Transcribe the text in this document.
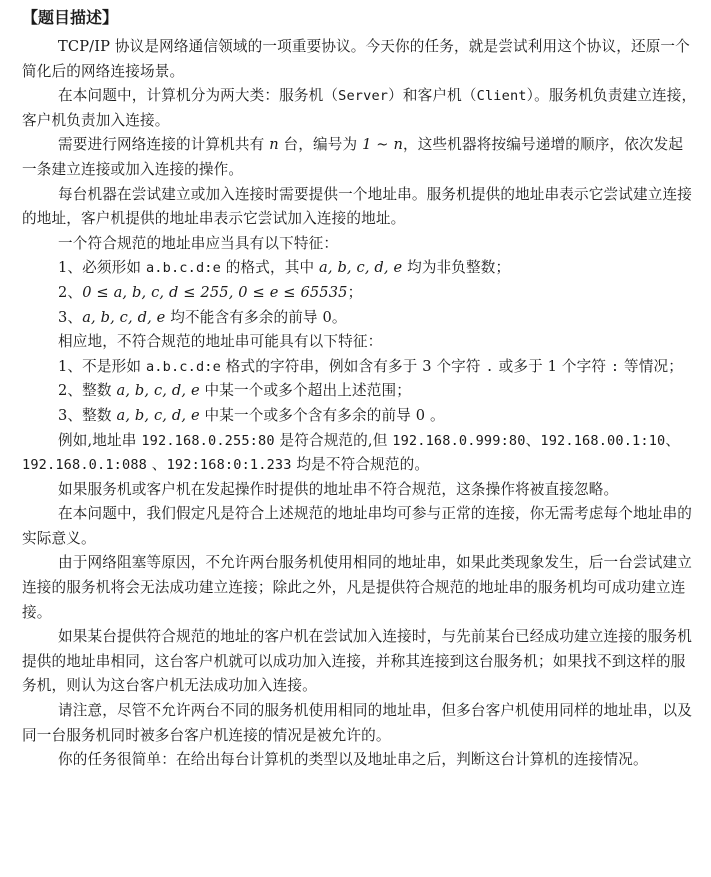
【题目描述】

TCP/IP 协议是网络通信领域的一项重要协议。今天你的任务，就是尝试利用这个协议，还原一个简化后的网络连接场景。

在本问题中，计算机分为两大类：服务机（Server）和客户机（Client）。服务机负责建立连接，客户机负责加入连接。

需要进行网络连接的计算机共有 n 台，编号为 1 ∼ n，这些机器将按编号递增的顺序，依次发起一条建立连接或加入连接的操作。

每台机器在尝试建立或加入连接时需要提供一个地址串。服务机提供的地址串表示它尝试建立连接的地址，客户机提供的地址串表示它尝试加入连接的地址。

一个符合规范的地址串应当具有以下特征：

1、必须形如 a.b.c.d:e 的格式，其中 a, b, c, d, e 均为非负整数；

2、0 ≤ a, b, c, d ≤ 255, 0 ≤ e ≤ 65535；

3、a, b, c, d, e 均不能含有多余的前导 0。

相应地，不符合规范的地址串可能具有以下特征：

1、不是形如 a.b.c.d:e 格式的字符串，例如含有多于 3 个字符 . 或多于 1 个字符 : 等情况；

2、整数 a, b, c, d, e 中某一个或多个超出上述范围；

3、整数 a, b, c, d, e 中某一个或多个含有多余的前导 0 。

例如,地址串 192.168.0.255:80 是符合规范的,但 192.168.0.999:80、192.168.00.1:10、192.168.0.1:088 、192:168:0:1.233 均是不符合规范的。

如果服务机或客户机在发起操作时提供的地址串不符合规范，这条操作将被直接忽略。

在本问题中，我们假定凡是符合上述规范的地址串均可参与正常的连接，你无需考虑每个地址串的实际意义。

由于网络阻塞等原因，不允许两台服务机使用相同的地址串，如果此类现象发生，后一台尝试建立连接的服务机将会无法成功建立连接；除此之外，凡是提供符合规范的地址串的服务机均可成功建立连接。

如果某台提供符合规范的地址的客户机在尝试加入连接时，与先前某台已经成功建立连接的服务机提供的地址串相同，这台客户机就可以成功加入连接，并称其连接到这台服务机；如果找不到这样的服务机，则认为这台客户机无法成功加入连接。

请注意，尽管不允许两台不同的服务机使用相同的地址串，但多台客户机使用同样的地址串，以及同一台服务机同时被多台客户机连接的情况是被允许的。

你的任务很简单：在给出每台计算机的类型以及地址串之后，判断这台计算机的连接情况。
